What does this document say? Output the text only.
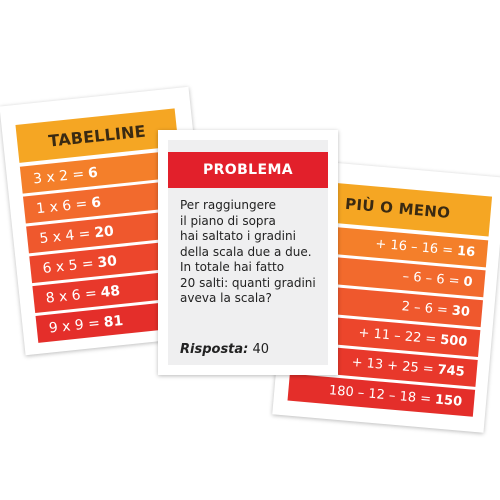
TABELLINE
3 x 2 = 6
1 x 6 = 6
5 x 4 = 20
6 x 5 = 30
8 x 6 = 48
9 x 9 = 81
PIÙ O MENO
+ 16 – 16 = 16
– 6 – 6 = 0
2 – 6 = 30
+ 11 – 22 = 500
+ 13 + 25 = 745
180 – 12 – 18 = 150
PROBLEMA
Per raggiungere
il piano di sopra
hai saltato i gradini
della scala due a due.
In totale hai fatto
20 salti: quanti gradini
aveva la scala?
Risposta: 40
